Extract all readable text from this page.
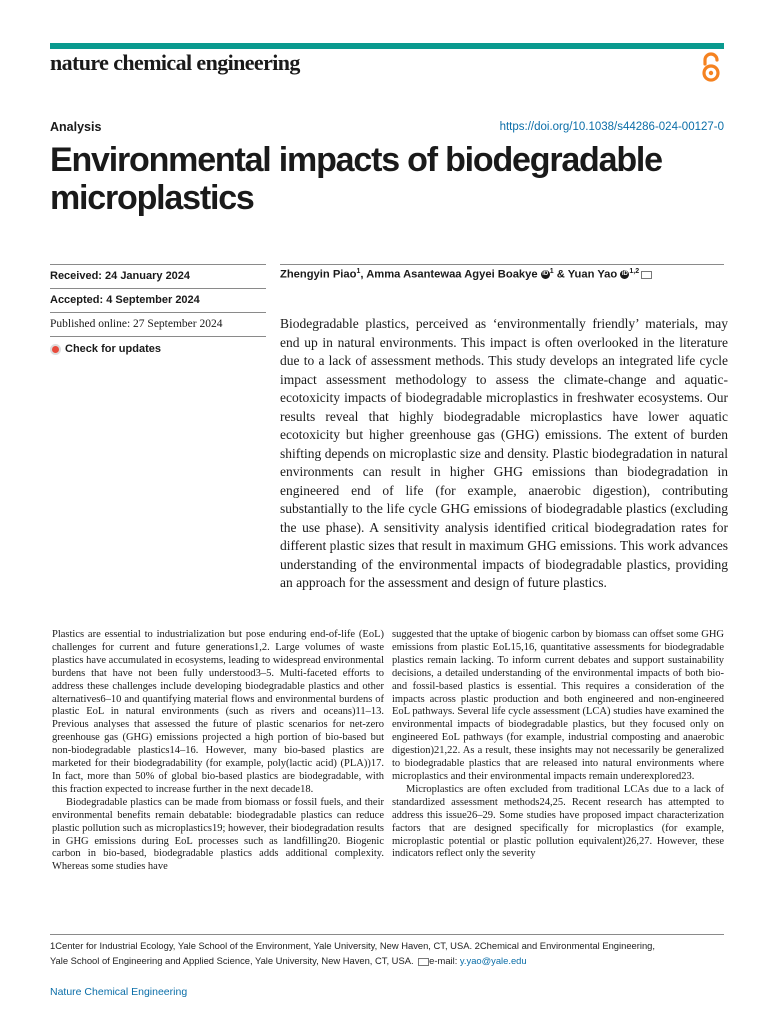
nature chemical engineering
Analysis	https://doi.org/10.1038/s44286-024-00127-0
Environmental impacts of biodegradable microplastics
Received: 24 January 2024
Accepted: 4 September 2024
Published online: 27 September 2024
Check for updates
Zhengyin Piao$^1$, Amma Asantewaa Agyei Boakye iD $^1$ & Yuan Yao iD $^{1,2}$

Biodegradable plastics, perceived as ‘environmentally friendly’ materials, may end up in natural environments. This impact is often overlooked in the literature due to a lack of assessment methods. This study develops an integrated life cycle impact assessment methodology to assess the climate-change and aquatic-ecotoxicity impacts of biodegradable microplastics in freshwater ecosystems. Our results reveal that highly biodegradable microplastics have lower aquatic ecotoxicity but higher greenhouse gas (GHG) emissions. The extent of burden shifting depends on microplastic size and density. Plastic biodegradation in natural environments can result in higher GHG emissions than biodegradation in engineered end of life (for example, anaerobic digestion), contributing substantially to the life cycle GHG emissions of biodegradable plastics (excluding the use phase). A sensitivity analysis identified critical biodegradation rates for different plastic sizes that result in maximum GHG emissions. This work advances understanding of the environmental impacts of biodegradable plastics, providing an approach for the assessment and design of future plastics.

Plastics are essential to industrialization but pose enduring end-of-life (EoL) challenges for current and future generations1,2. Large volumes of waste plastics have accumulated in ecosystems, leading to widespread environmental burdens that have not been fully understood3–5. Multi-faceted efforts to address these challenges include developing biodegradable plastics and other alternatives6–10 and quantifying material flows and environmental burdens of plastic EoL in natural environments (such as rivers and oceans)11–13. Previous analyses that assessed the future of plastic scenarios for net-zero greenhouse gas (GHG) emissions projected a high portion of bio-based but non-biodegradable plastics14–16. However, many bio-based plastics are marketed for their biodegradability (for example, poly(lactic acid) (PLA))17. In fact, more than 50% of global bio-based plastics are biodegradable, with this fraction expected to increase further in the next decade18.

Biodegradable plastics can be made from biomass or fossil fuels, and their environmental benefits remain debatable: biodegradable plastics can reduce plastic pollution such as microplastics19; however, their biodegradation results in GHG emissions during EoL processes such as landfilling20. Biogenic carbon in bio-based, biodegradable plastics adds additional complexity. Whereas some studies have

suggested that the uptake of biogenic carbon by biomass can offset some GHG emissions from plastic EoL15,16, quantitative assessments for biodegradable plastics remain lacking. To inform current debates and support sustainability decisions, a detailed understanding of the environmental impacts of both bio- and fossil-based plastics is essential. This requires a consideration of the impacts across plastic production and both engineered and non-engineered EoL pathways. Several life cycle assessment (LCA) studies have examined the environmental impacts of biodegradable plastics, but they focused only on engineered EoL pathways (for example, industrial composting and anaerobic digestion)21,22. As a result, these insights may not necessarily be generalized to biodegradable plastics that are released into natural environments where microplastics and their environmental impacts remain underexplored23.

Microplastics are often excluded from traditional LCAs due to a lack of standardized assessment methods24,25. Recent research has attempted to address this issue26–29. Some studies have proposed impact characterization factors that are designed specifically for microplastics (for example, microplastic potential or plastic pollution equivalent)26,27. However, these indicators reflect only the severity

1Center for Industrial Ecology, Yale School of the Environment, Yale University, New Haven, CT, USA. 2Chemical and Environmental Engineering,
Yale School of Engineering and Applied Science, Yale University, New Haven, CT, USA. e-mail: y.yao@yale.edu
Nature Chemical Engineering
